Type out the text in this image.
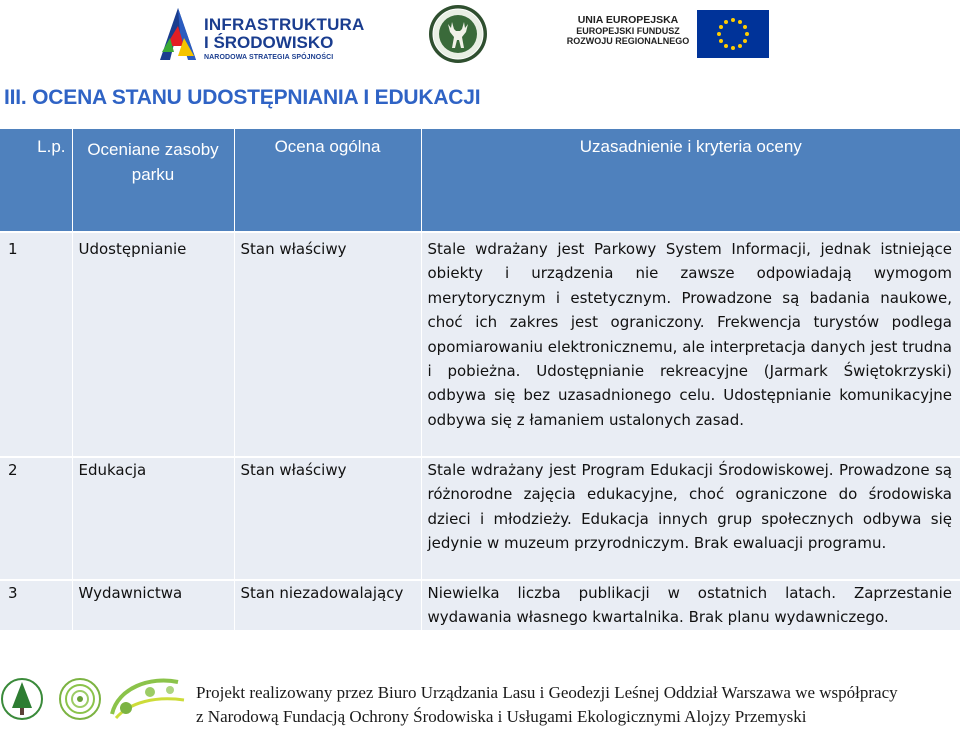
INFRASTRUKTURA
I ŚRODOWISKO
NARODOWA STRATEGIA SPÓJNOŚCI
UNIA EUROPEJSKA
EUROPEJSKI FUNDUSZ
ROZWOJU REGIONALNEGO
III. OCENA STANU UDOSTĘPNIANIA I EDUKACJI
L.p.	Oceniane zasoby parku	Ocena ogólna	Uzasadnienie i kryteria oceny
1	Udostępnianie	Stan właściwy	Stale wdrażany jest Parkowy System Informacji, jednak istniejące obiekty i urządzenia nie zawsze odpowiadają wymogom merytorycznym i estetycznym. Prowadzone są badania naukowe, choć ich zakres jest ograniczony. Frekwencja turystów podlega opomiarowaniu elektronicznemu, ale interpretacja danych jest trudna i pobieżna. Udostępnianie rekreacyjne (Jarmark Świętokrzyski) odbywa się bez uzasadnionego celu. Udostępnianie komunikacyjne odbywa się z łamaniem ustalonych zasad.
2	Edukacja	Stan właściwy	Stale wdrażany jest Program Edukacji Środowiskowej. Prowadzone są różnorodne zajęcia edukacyjne, choć ograniczone do środowiska dzieci i młodzieży. Edukacja innych grup społecznych odbywa się jedynie w muzeum przyrodniczym. Brak ewaluacji programu.
3	Wydawnictwa	Stan niezadowalający	Niewielka liczba publikacji w ostatnich latach. Zaprzestanie wydawania własnego kwartalnika. Brak planu wydawniczego.
Projekt realizowany przez Biuro Urządzania Lasu i Geodezji Leśnej Oddział Warszawa we współpracy
z Narodową Fundacją Ochrony Środowiska i Usługami Ekologicznymi Alojzy Przemyski
